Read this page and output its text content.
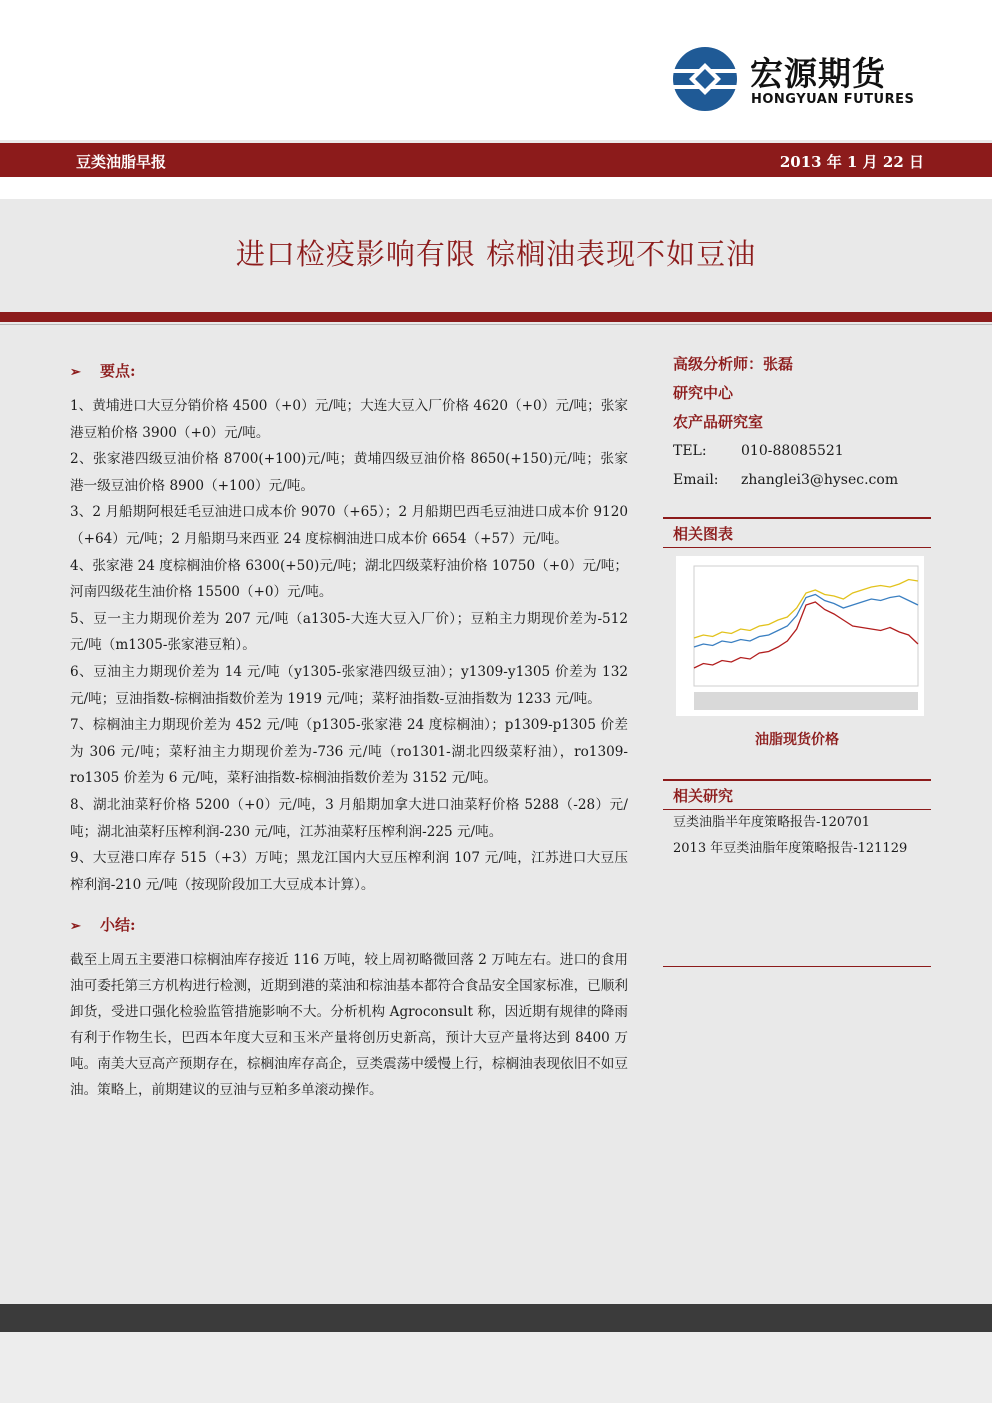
宏源期货
HONGYUAN FUTURES
豆类油脂早报	2013 年 1 月 22 日
进口检疫影响有限 棕榈油表现不如豆油
➢ 要点:

1、黄埔进口大豆分销价格 4500（+0）元/吨；大连大豆入厂价格 4620（+0）元/吨；张家港豆粕价格 3900（+0）元/吨。

2、张家港四级豆油价格 8700(+100)元/吨；黄埔四级豆油价格 8650(+150)元/吨；张家港一级豆油价格 8900（+100）元/吨。

3、2 月船期阿根廷毛豆油进口成本价 9070（+65）；2 月船期巴西毛豆油进口成本价 9120（+64）元/吨；2 月船期马来西亚 24 度棕榈油进口成本价 6654（+57）元/吨。

4、张家港 24 度棕榈油价格 6300(+50)元/吨；湖北四级菜籽油价格 10750（+0）元/吨；河南四级花生油价格 15500（+0）元/吨。

5、豆一主力期现价差为 207 元/吨（a1305-大连大豆入厂价）；豆粕主力期现价差为-512 元/吨（m1305-张家港豆粕）。

6、豆油主力期现价差为 14 元/吨（y1305-张家港四级豆油）；y1309-y1305 价差为 132 元/吨；豆油指数-棕榈油指数价差为 1919 元/吨；菜籽油指数-豆油指数为 1233 元/吨。

7、棕榈油主力期现价差为 452 元/吨（p1305-张家港 24 度棕榈油）；p1309-p1305 价差为 306 元/吨；菜籽油主力期现价差为-736 元/吨（ro1301-湖北四级菜籽油），ro1309-ro1305 价差为 6 元/吨，菜籽油指数-棕榈油指数价差为 3152 元/吨。

8、湖北油菜籽价格 5200（+0）元/吨，3 月船期加拿大进口油菜籽价格 5288（-28）元/吨；湖北油菜籽压榨利润-230 元/吨，江苏油菜籽压榨利润-225 元/吨。

9、大豆港口库存 515（+3）万吨；黑龙江国内大豆压榨利润 107 元/吨，江苏进口大豆压榨利润-210 元/吨（按现阶段加工大豆成本计算）。

➢ 小结:

截至上周五主要港口棕榈油库存接近 116 万吨，较上周初略微回落 2 万吨左右。进口的食用油可委托第三方机构进行检测，近期到港的菜油和棕油基本都符合食品安全国家标准，已顺利卸货，受进口强化检验监管措施影响不大。分析机构 Agroconsult 称，因近期有规律的降雨有利于作物生长，巴西本年度大豆和玉米产量将创历史新高，预计大豆产量将达到 8400 万吨。南美大豆高产预期存在，棕榈油库存高企，豆类震荡中缓慢上行，棕榈油表现依旧不如豆油。策略上，前期建议的豆油与豆粕多单滚动操作。

高级分析师：张磊
研究中心
农产品研究室
TEL: 010-88085521
Email: zhanglei3@hysec.com
相关图表
油脂现货价格
相关研究
豆类油脂半年度策略报告-120701
2013 年豆类油脂年度策略报告-121129
